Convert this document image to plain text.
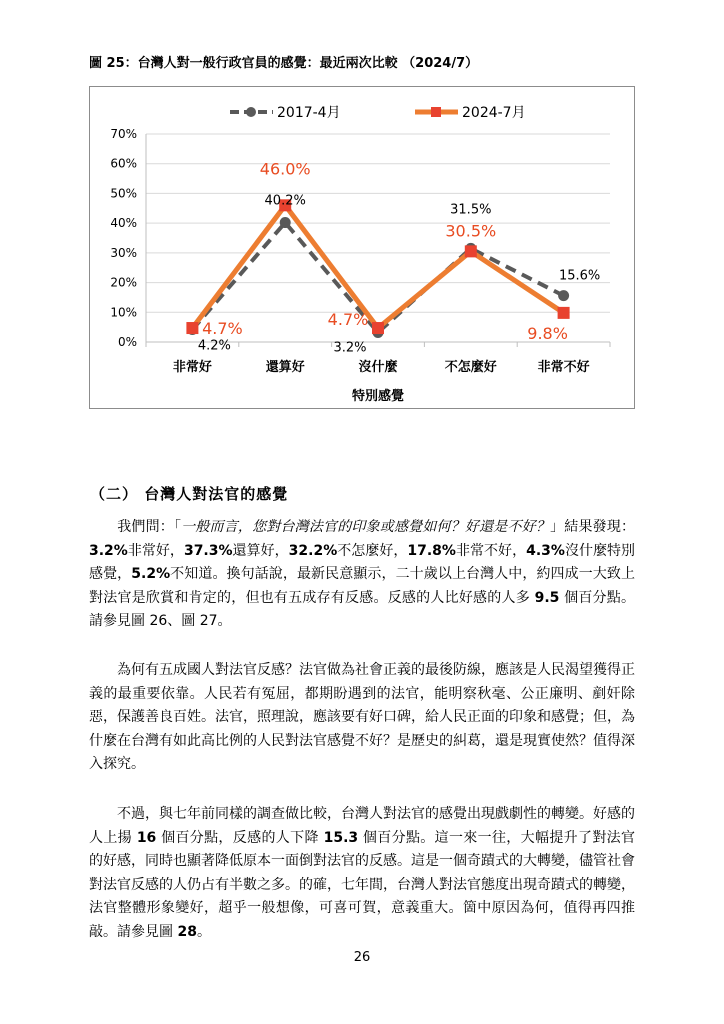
圖 25：台灣人對一般行政官員的感覺：最近兩次比較 （2024/7）
0%
10%
20%
30%
40%
50%
60%
70%
非常好	還算好	沒什麼	不怎麼好	非常不好
特別感覺
4.2%
40.2%
3.2%
31.5%
15.6%
4.7%
46.0%
4.7%
30.5%
9.8%
2017-4月	2024-7月
（二） 台灣人對法官的感覺

我們問：「一般而言，您對台灣法官的印象或感覺如何？好還是不好？」結果發現：3.2%非常好，37.3%還算好，32.2%不怎麼好，17.8%非常不好，4.3%沒什麼特別感覺，5.2%不知道。換句話說，最新民意顯示，二十歲以上台灣人中，約四成一大致上對法官是欣賞和肯定的，但也有五成存有反感。反感的人比好感的人多 9.5 個百分點。請參見圖 26、圖 27。

為何有五成國人對法官反感？法官做為社會正義的最後防線，應該是人民渴望獲得正義的最重要依靠。人民若有冤屈，都期盼遇到的法官，能明察秋毫、公正廉明、剷奸除惡，保護善良百姓。法官，照理說，應該要有好口碑，給人民正面的印象和感覺；但，為什麼在台灣有如此高比例的人民對法官感覺不好？是歷史的糾葛，還是現實使然？值得深入探究。

不過，與七年前同樣的調查做比較，台灣人對法官的感覺出現戲劇性的轉變。好感的人上揚 16 個百分點，反感的人下降 15.3 個百分點。這一來一往，大幅提升了對法官的好感，同時也顯著降低原本一面倒對法官的反感。這是一個奇蹟式的大轉變，儘管社會對法官反感的人仍占有半數之多。的確，七年間，台灣人對法官態度出現奇蹟式的轉變，法官整體形象變好，超乎一般想像，可喜可賀，意義重大。箇中原因為何，值得再四推敲。請參見圖 28。

26
